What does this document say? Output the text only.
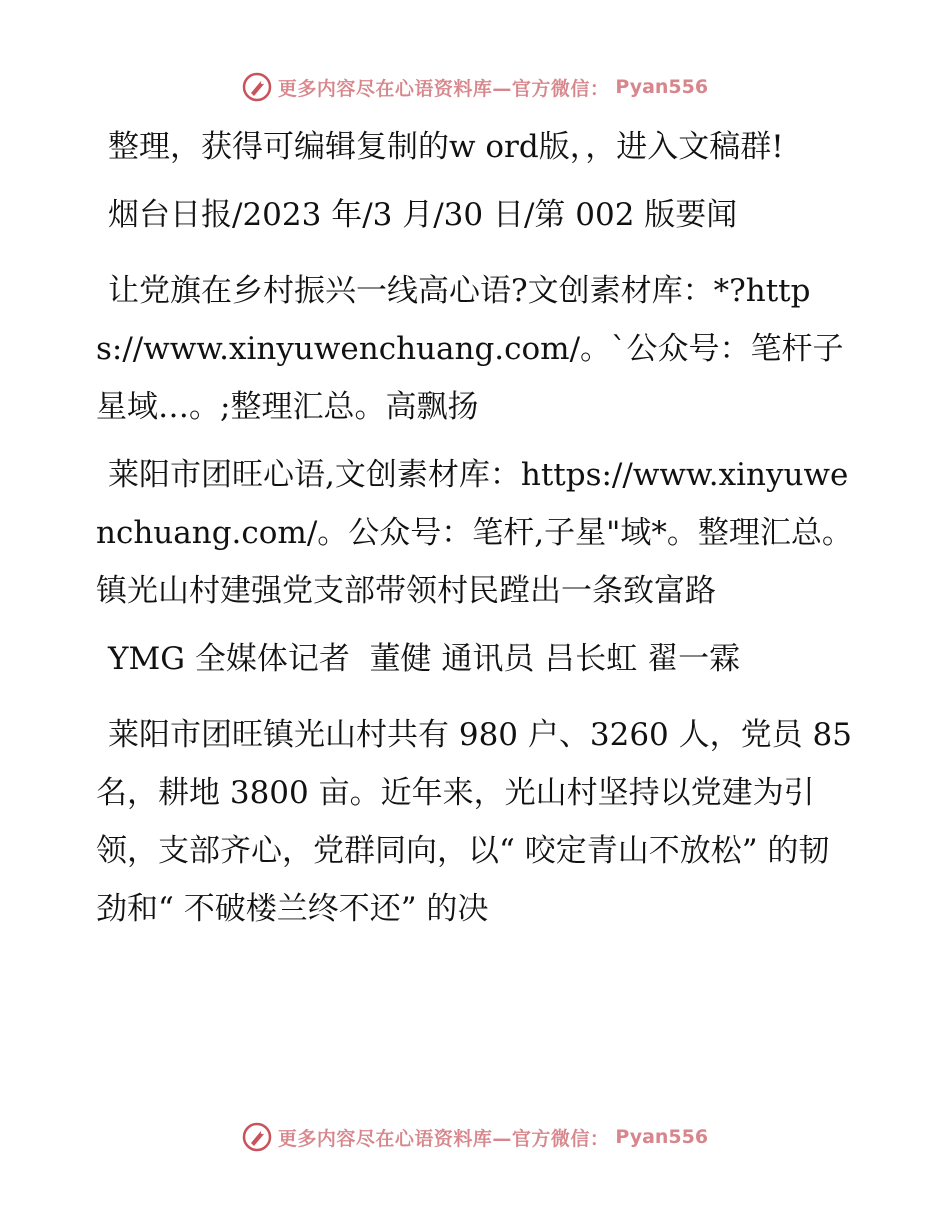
更多内容尽在心语资料库—官方微信： Pyan556

整理，获得可编辑复制的w ord版，，进入文稿群!

烟台日报/2023 年/3 月/30 日/第 002 版要闻

让党旗在乡村振兴一线高心语?文创素材库：*?https://www.xinyuwenchuang.com/。`公众号：笔杆子星域…。;整理汇总。高飘扬

莱阳市团旺心语,文创素材库：https://www.xinyuwenchuang.com/。公众号：笔杆,子星"域*。整理汇总。镇光山村建强党支部带领村民蹚出一条致富路

YMG 全媒体记者  董健 通讯员 吕长虹 翟一霖

莱阳市团旺镇光山村共有 980 户、3260 人，党员 85 名，耕地 3800 亩。近年来，光山村坚持以党建为引领，支部齐心，党群同向，以“ 咬定青山不放松” 的韧劲和“ 不破楼兰终不还” 的决

更多内容尽在心语资料库—官方微信： Pyan556
